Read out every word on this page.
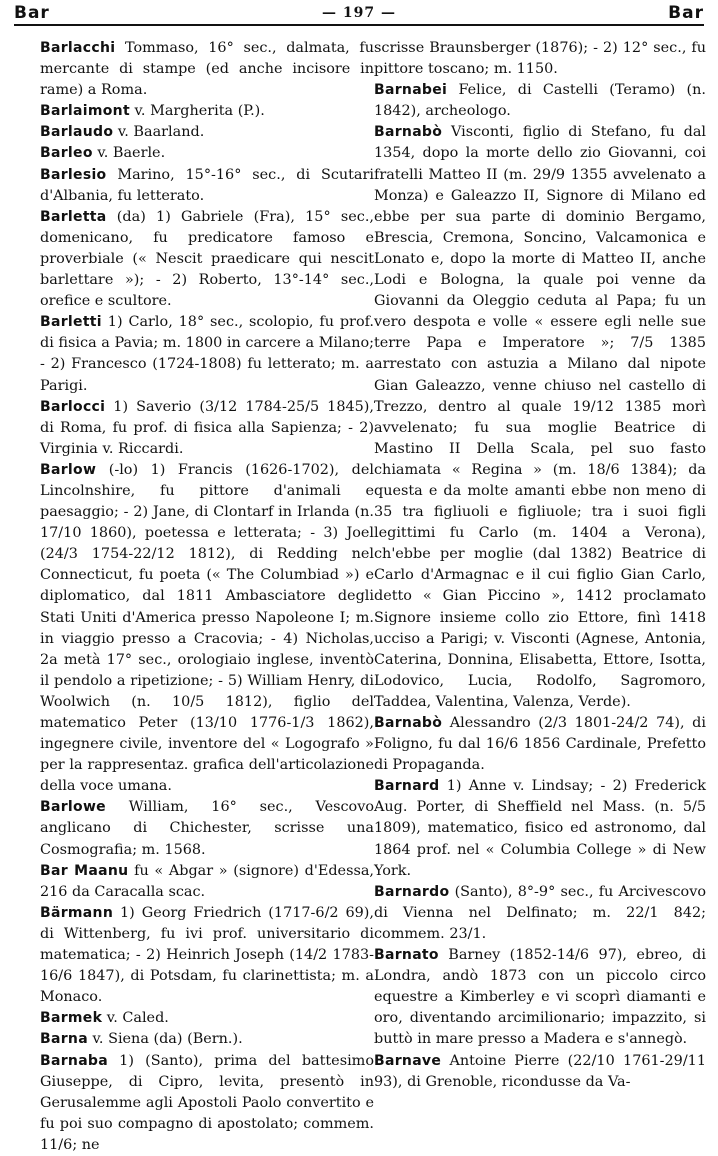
Bar	— 197 —	Bar

Barlacchi Tommaso, 16° sec., dalmata, fu mercante di stampe (ed anche incisore in rame) a Roma.

Barlaimont v. Margherita (P.).

Barlaudo v. Baarland.

Barleo v. Baerle.

Barlesio Marino, 15°-16° sec., di Scutari d'Albania, fu letterato.

Barletta (da) 1) Gabriele (Fra), 15° sec., domenicano, fu predicatore famoso e proverbiale (« Nescit praedicare qui nescit barlettare »); - 2) Roberto, 13°-14° sec., orefice e scultore.

Barletti 1) Carlo, 18° sec., scolopio, fu prof. di fisica a Pavia; m. 1800 in carcere a Milano; - 2) Francesco (1724-1808) fu letterato; m. a Parigi.

Barlocci 1) Saverio (3/12 1784-25/5 1845), di Roma, fu prof. di fisica alla Sapienza; - 2) Virginia v. Riccardi.

Barlow (-lo) 1) Francis (1626-1702), del Lincolnshire, fu pittore d'animali e paesaggio; - 2) Jane, di Clontarf in Irlanda (n. 17/10 1860), poetessa e letterata; - 3) Joel (24/3 1754-22/12 1812), di Redding nel Connecticut, fu poeta (« The Columbiad ») e diplomatico, dal 1811 Ambasciatore degli Stati Uniti d'America presso Napoleone I; m. in viaggio presso a Cracovia; - 4) Nicholas, 2a metà 17° sec., orologiaio inglese, inventò il pendolo a ripetizione; - 5) William Henry, di Woolwich (n. 10/5 1812), figlio del matematico Peter (13/10 1776-1/3 1862), ingegnere civile, inventore del « Logografo » per la rappresentaz. grafica dell'articolazione della voce umana.

Barlowe William, 16° sec., Vescovo anglicano di Chichester, scrisse una Cosmografia; m. 1568.

Bar Maanu fu « Abgar » (signore) d'Edessa, 216 da Caracalla scac.

Bärmann 1) Georg Friedrich (1717-6/2 69), di Wittenberg, fu ivi prof. universitario di matematica; - 2) Heinrich Joseph (14/2 1783-16/6 1847), di Potsdam, fu clarinettista; m. a Monaco.

Barmek v. Caled.

Barna v. Siena (da) (Bern.).

Barnaba 1) (Santo), prima del battesimo Giuseppe, di Cipro, levita, presentò in Gerusalemme agli Apostoli Paolo convertito e fu poi suo compagno di apostolato; commem. 11/6; ne

scrisse Braunsberger (1876); - 2) 12° sec., fu pittore toscano; m. 1150.

Barnabei Felice, di Castelli (Teramo) (n. 1842), archeologo.

Barnabò Visconti, figlio di Stefano, fu dal 1354, dopo la morte dello zio Giovanni, coi fratelli Matteo II (m. 29/9 1355 avvelenato a Monza) e Galeazzo II, Signore di Milano ed ebbe per sua parte di dominio Bergamo, Brescia, Cremona, Soncino, Valcamonica e Lonato e, dopo la morte di Matteo II, anche Lodi e Bologna, la quale poi venne da Giovanni da Oleggio ceduta al Papa; fu un vero despota e volle « essere egli nelle sue terre Papa e Imperatore »; 7/5 1385 arrestato con astuzia a Milano dal nipote Gian Galeazzo, venne chiuso nel castello di Trezzo, dentro al quale 19/12 1385 morì avvelenato; fu sua moglie Beatrice di Mastino II Della Scala, pel suo fasto chiamata « Regina » (m. 18/6 1384); da questa e da molte amanti ebbe non meno di 35 tra figliuoli e figliuole; tra i suoi figli legittimi fu Carlo (m. 1404 a Verona), ch'ebbe per moglie (dal 1382) Beatrice di Carlo d'Armagnac e il cui figlio Gian Carlo, detto « Gian Piccino », 1412 proclamato Signore insieme collo zio Ettore, finì 1418 ucciso a Parigi; v. Visconti (Agnese, Antonia, Caterina, Donnina, Elisabetta, Ettore, Isotta, Lodovico, Lucia, Rodolfo, Sagromoro, Taddea, Valentina, Valenza, Verde).

Barnabò Alessandro (2/3 1801-24/2 74), di Foligno, fu dal 16/6 1856 Cardinale, Prefetto di Propaganda.

Barnard 1) Anne v. Lindsay; - 2) Frederick Aug. Porter, di Sheffield nel Mass. (n. 5/5 1809), matematico, fisico ed astronomo, dal 1864 prof. nel « Columbia College » di New York.

Barnardo (Santo), 8°-9° sec., fu Arcivescovo di Vienna nel Delfinato; m. 22/1 842; commem. 23/1.

Barnato Barney (1852-14/6 97), ebreo, di Londra, andò 1873 con un piccolo circo equestre a Kimberley e vi scoprì diamanti e oro, diventando arcimilionario; impazzito, si buttò in mare presso a Madera e s'annegò.

Barnave Antoine Pierre (22/10 1761-29/11 93), di Grenoble, ricondusse da Va-
